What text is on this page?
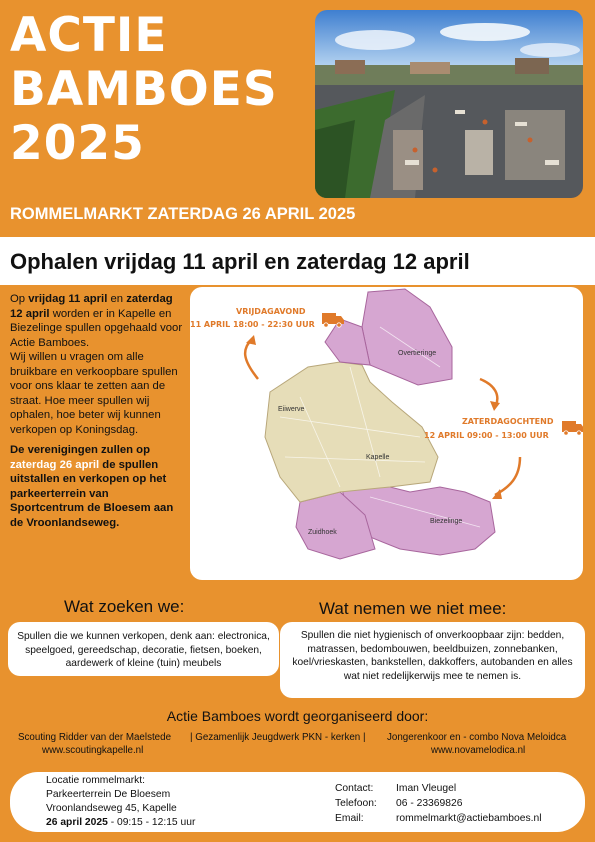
ACTIE
BAMBOES
2025
ROMMELMARKT ZATERDAG 26 APRIL 2025
Ophalen vrijdag 11 april en zaterdag 12 april
Op vrijdag 11 april en zaterdag 12 april worden er in Kapelle en Biezelinge spullen opgehaald voor Actie Bamboes.
Wij willen u vragen om alle bruikbare en verkoopbare spullen voor ons klaar te zetten aan de straat. Hoe meer spullen wij ophalen, hoe beter wij kunnen verkopen op Koningsdag.
De verenigingen zullen op zaterdag 26 april de spullen uitstallen en verkopen op het parkeerterrein van Sportcentrum de Bloesem aan de Vroonlandseweg.
Overtieringe
Eiiwerve
Kapelle
Biezelinge
Zuidhoek
VRIJDAGAVOND
11 APRIL 18:00 - 22:30 UUR
ZATERDAGOCHTEND
12 APRIL 09:00 - 13:00 UUR
Wat zoeken we:	Wat nemen we niet mee:
Spullen die we kunnen verkopen, denk aan: electronica, speelgoed, gereedschap, decoratie, fietsen, boeken, aardewerk of kleine (tuin) meubels
Spullen die niet hygienisch of onverkoopbaar zijn: bedden, matrassen, bedombouwen, beeldbuizen, zonnebanken, koel/vrieskasten, bankstellen, dakkoffers, autobanden en alles wat niet redelijkerwijs mee te nemen is.
Actie Bamboes wordt georganiseerd door:
Scouting Ridder van der Maelstede
www.scoutingkapelle.nl
| Gezamenlijk Jeugdwerk PKN - kerken | Jongerenkoor en - combo Nova Meloidca
www.novamelodica.nl
Locatie rommelmarkt:
Parkeerterrein De Bloesem
Vroonlandseweg 45, Kapelle
26 april 2025 - 09:15 - 12:15 uur
Contact: Iman Vleugel
Telefoon: 06 - 23369826
Email:	rommelmarkt@actiebamboes.nl
